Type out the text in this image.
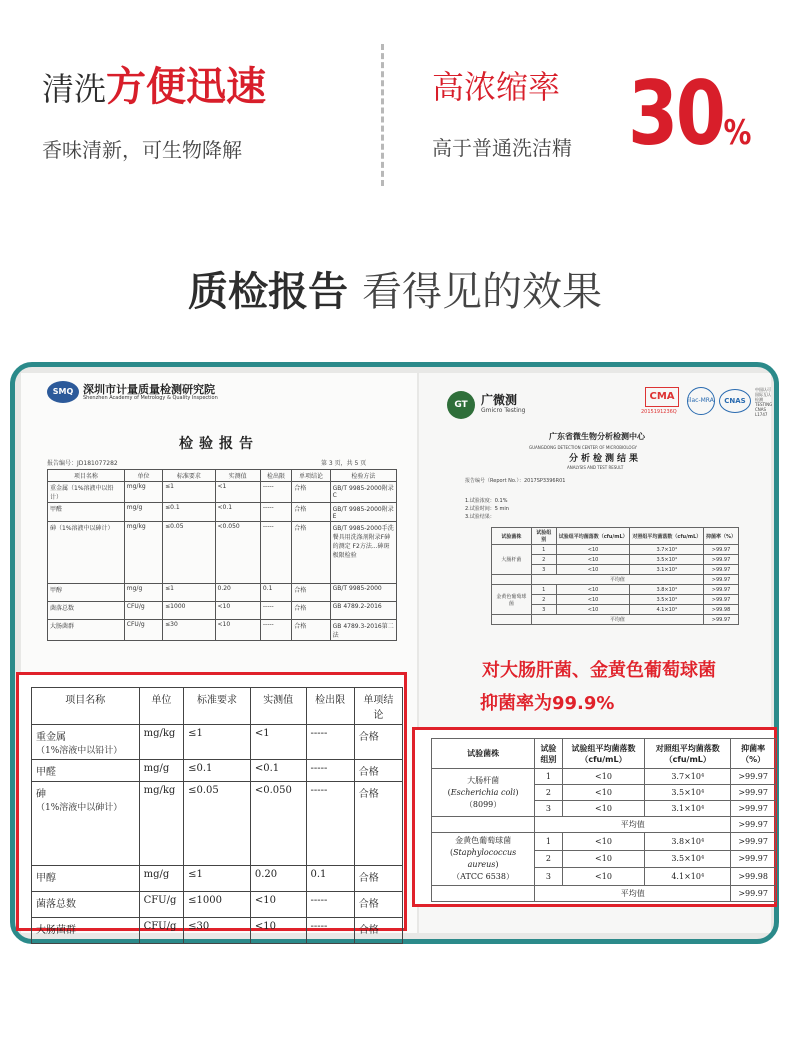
清洗方便迅速
香味清新，可生物降解
高浓缩率
高于普通洗洁精 30%
质检报告 看得见的效果
SMQ 深圳市计量质量检测研究院
Shenzhen Academy of Metrology & Quality Inspection
检验报告
报告编号：JD181077282	第 3 页，共 5 页
项目名称	单位	标准要求	实测值	检出限	单项结论	检验方法
重金属（1%溶液中以铅计）	mg/kg	≤1	<1	-----	合格	GB/T 9985-2000附录C
甲醛	mg/g	≤0.1	<0.1	-----	合格	GB/T 9985-2000附录E
砷（1%溶液中以砷计）	mg/kg	≤0.05	<0.050	-----	合格	GB/T 9985-2000手洗餐具用洗涤剂附录F砷的测定 F2方法...砷斑极限检验
甲醇	mg/g	≤1	0.20	0.1	合格	GB/T 9985-2000
菌落总数	CFU/g	≤1000	<10	-----	合格	GB 4789.2-2016
大肠菌群	CFU/g	≤30	<10	-----	合格	GB 4789.3-2016第二法
GT	广微测
Gmicro Testing
CMA
2015191236Q
ilac-MRA	CNAS
中国认可 国际互认 检测 TESTING CNAS L1747
广东省微生物分析检测中心
GUANGDONG DETECTION CENTER OF MICROBIOLOGY
分析检测结果
ANALYSIS AND TEST RESULT
报告编号（Report No.）：2017SP3396R01
1.试验浓度：0.1%
2.试验时间：5 min
3.试验结果：
试验菌株	试验组别	试验组平均菌落数（cfu/mL）	对照组平均菌落数（cfu/mL）	抑菌率（%）
大肠杆菌	1	<10	3.7×10⁴	>99.97
	2	<10	3.5×10⁴	>99.97
	3	<10	3.1×10⁴	>99.97
	平均值			>99.97
金黄色葡萄球菌	1	<10	3.8×10⁴	>99.97
	2	<10	3.5×10⁴	>99.97
	3	<10	4.1×10⁴	>99.98
	平均值			>99.97
项目名称	单位	标准要求	实测值	检出限	单项结论

重金属
（1%溶液中以铅计）	mg/kg	≤1	<1	-----	合格
甲醛	mg/g	≤0.1	<0.1	-----	合格

砷
（1%溶液中以砷计）	mg/kg	≤0.05	<0.050	-----	合格
甲醇	mg/g	≤1	0.20	0.1	合格
菌落总数	CFU/g	≤1000	<10	-----	合格
大肠菌群	CFU/g	≤30	<10	-----	合格
对大肠肝菌、金黄色葡萄球菌
抑菌率为99.9%
试验菌株	试验组别	试验组平均菌落数（cfu/mL）	对照组平均菌落数（cfu/mL）	抑菌率（%）

大肠杆菌
(Escherichia coli)
（8099）	1	<10	3.7×10⁴	>99.97
	2	<10	3.5×10⁴	>99.97
	3	<10	3.1×10⁴	>99.97
	平均值			>99.97

金黄色葡萄球菌
(Staphylococcus aureus)
（ATCC 6538）	1	<10	3.8×10⁴	>99.97
	2	<10	3.5×10⁴	>99.97
	3	<10	4.1×10⁴	>99.98
	平均值			>99.97
